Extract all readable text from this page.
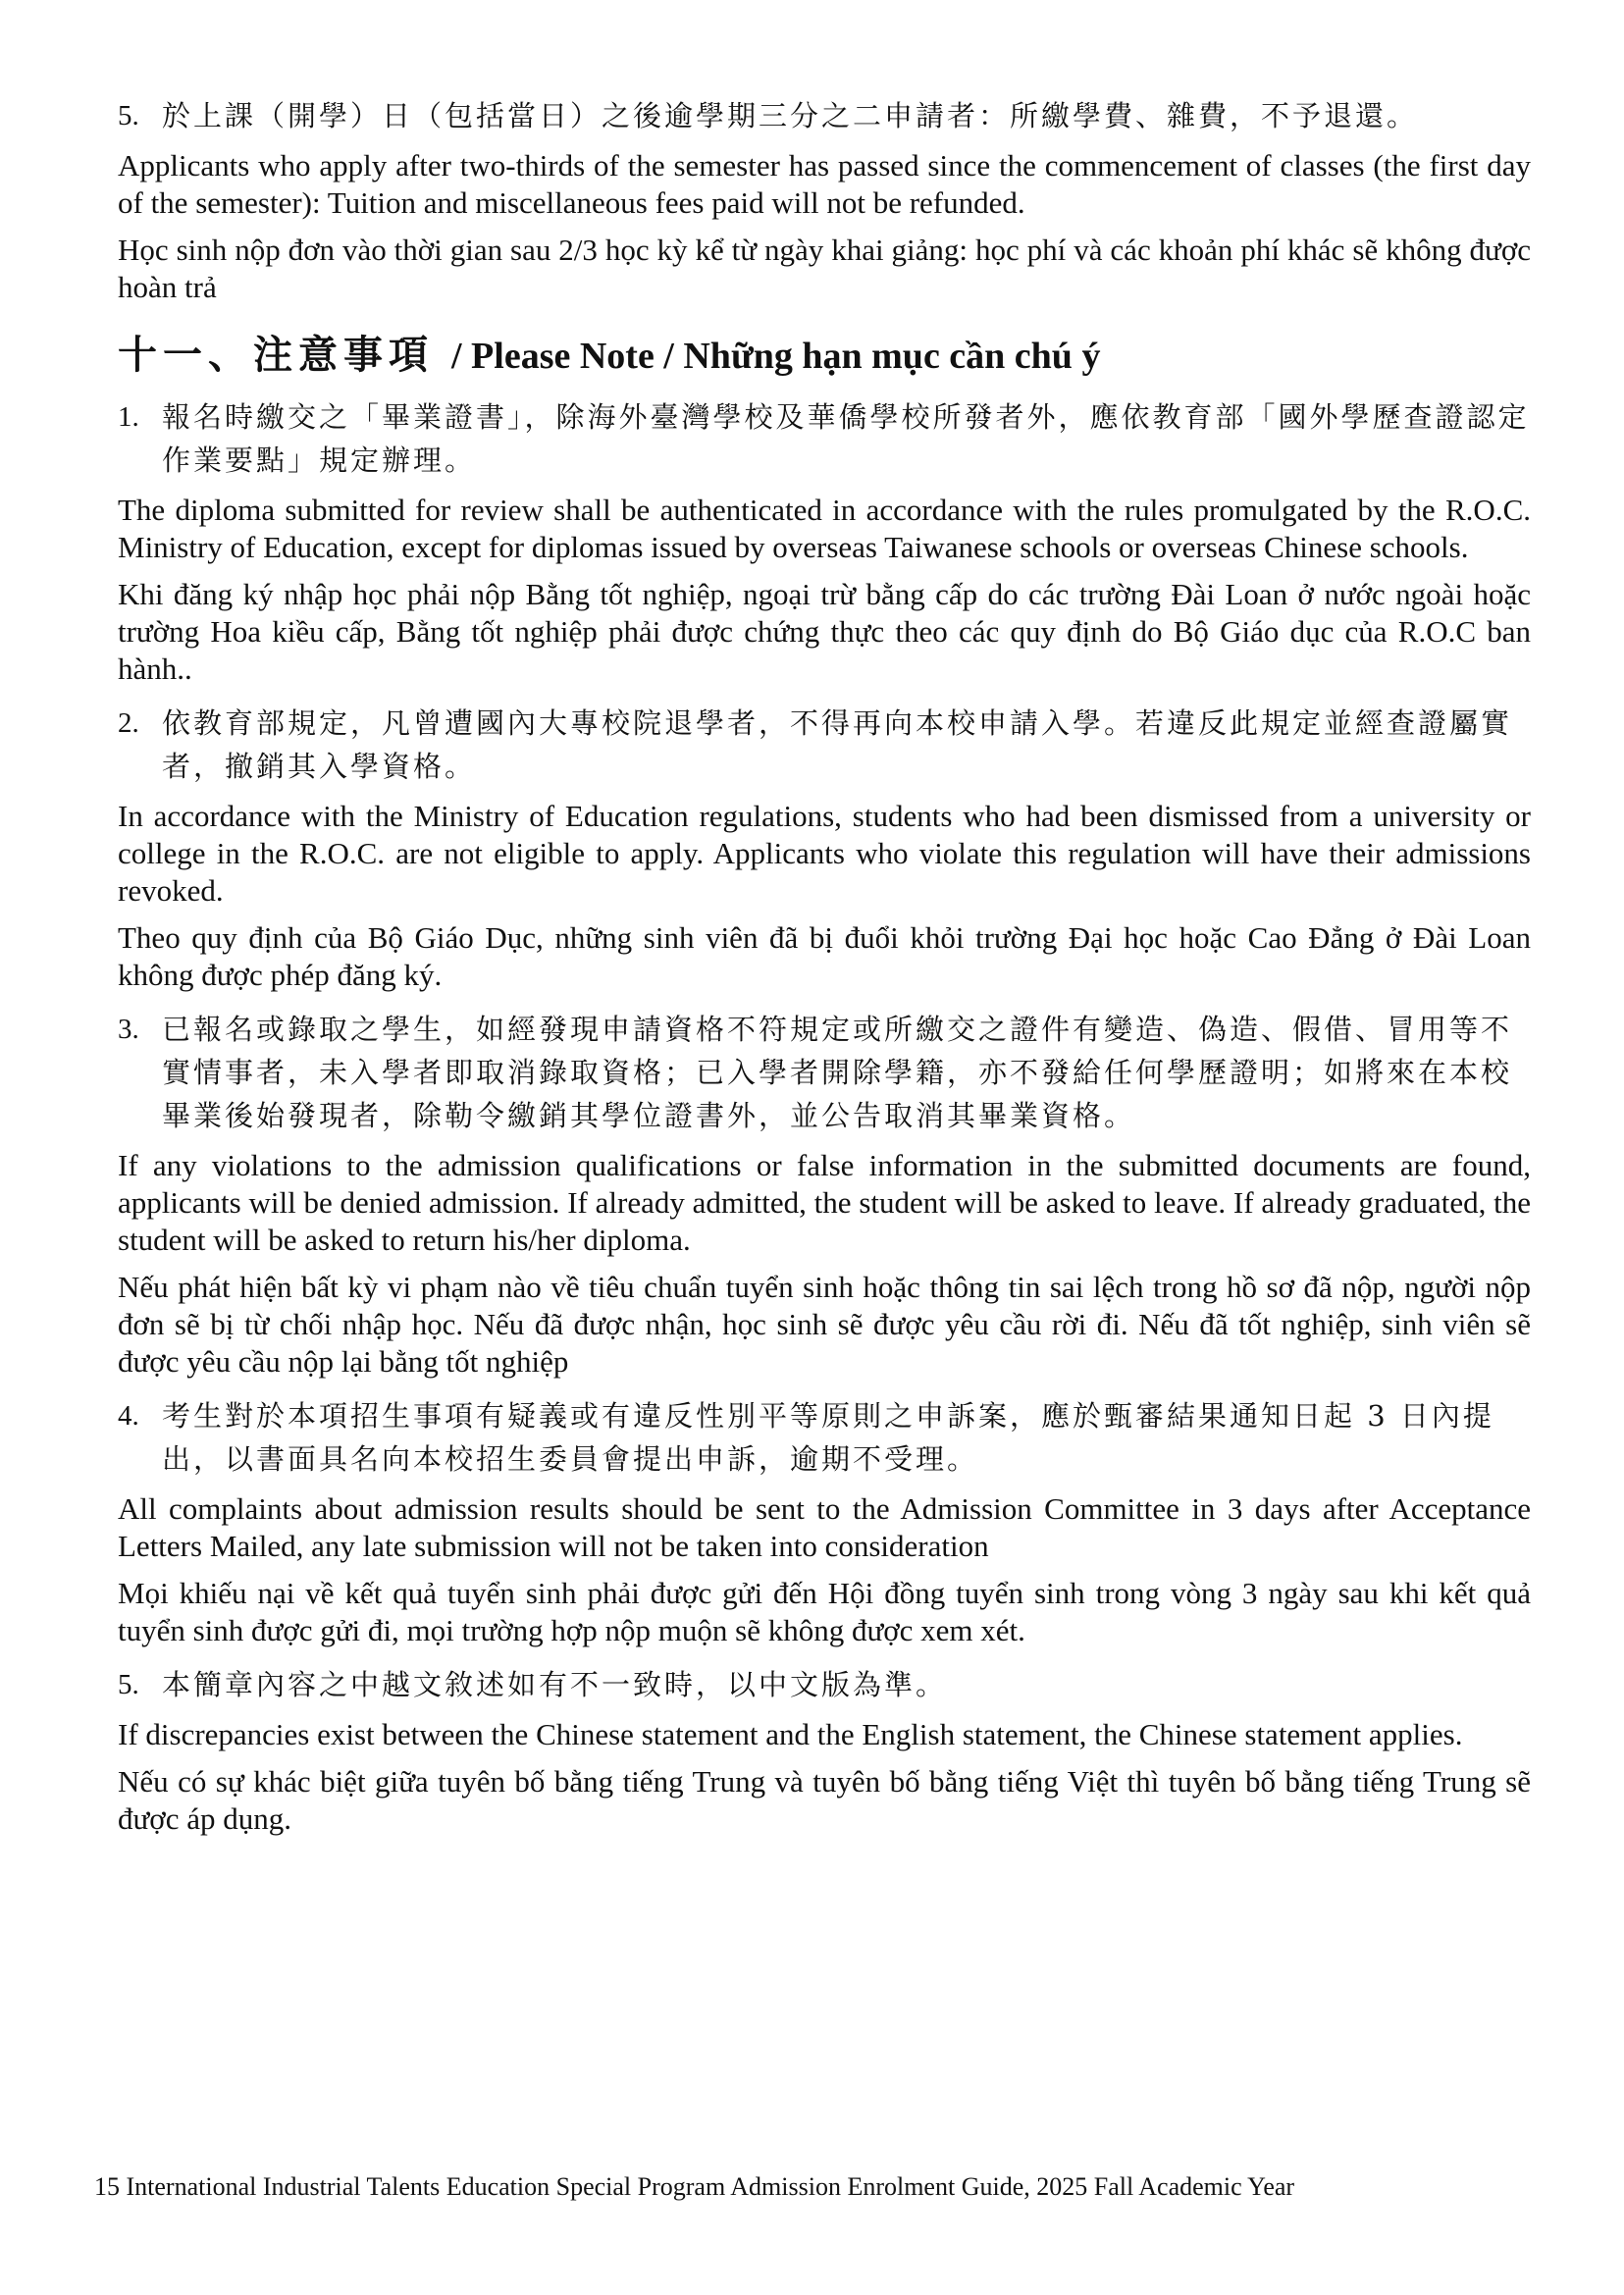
5. 於上課（開學）日（包括當日）之後逾學期三分之二申請者：所繳學費、雜費，不予退還。

Applicants who apply after two-thirds of the semester has passed since the commencement of classes (the first day of the semester): Tuition and miscellaneous fees paid will not be refunded.

Học sinh nộp đơn vào thời gian sau 2/3 học kỳ kể từ ngày khai giảng: học phí và các khoản phí khác sẽ không được hoàn trả

十一、注意事項 / Please Note / Những hạn mục cần chú ý
1. 報名時繳交之「畢業證書」，除海外臺灣學校及華僑學校所發者外，應依教育部「國外學歷查證認定作業要點」規定辦理。

The diploma submitted for review shall be authenticated in accordance with the rules promulgated by the R.O.C. Ministry of Education, except for diplomas issued by overseas Taiwanese schools or overseas Chinese schools.

Khi đăng ký nhập học phải nộp Bằng tốt nghiệp, ngoại trừ bằng cấp do các trường Đài Loan ở nước ngoài hoặc trường Hoa kiều cấp, Bằng tốt nghiệp phải được chứng thực theo các quy định do Bộ Giáo dục của R.O.C ban hành..

2. 依教育部規定，凡曾遭國內大專校院退學者，不得再向本校申請入學。若違反此規定並經查證屬實者，撤銷其入學資格。

In accordance with the Ministry of Education regulations, students who had been dismissed from a university or college in the R.O.C. are not eligible to apply. Applicants who violate this regulation will have their admissions revoked.

Theo quy định của Bộ Giáo Dục, những sinh viên đã bị đuổi khỏi trường Đại học hoặc Cao Đẳng ở Đài Loan không được phép đăng ký.

3. 已報名或錄取之學生，如經發現申請資格不符規定或所繳交之證件有變造、偽造、假借、冒用等不實情事者，未入學者即取消錄取資格；已入學者開除學籍，亦不發給任何學歷證明；如將來在本校畢業後始發現者，除勒令繳銷其學位證書外，並公告取消其畢業資格。

If any violations to the admission qualifications or false information in the submitted documents are found, applicants will be denied admission. If already admitted, the student will be asked to leave. If already graduated, the student will be asked to return his/her diploma.

Nếu phát hiện bất kỳ vi phạm nào về tiêu chuẩn tuyển sinh hoặc thông tin sai lệch trong hồ sơ đã nộp, người nộp đơn sẽ bị từ chối nhập học. Nếu đã được nhận, học sinh sẽ được yêu cầu rời đi. Nếu đã tốt nghiệp, sinh viên sẽ được yêu cầu nộp lại bằng tốt nghiệp

4. 考生對於本項招生事項有疑義或有違反性別平等原則之申訴案，應於甄審結果通知日起 3 日內提出，以書面具名向本校招生委員會提出申訴，逾期不受理。

All complaints about admission results should be sent to the Admission Committee in 3 days after Acceptance Letters Mailed, any late submission will not be taken into consideration

Mọi khiếu nại về kết quả tuyển sinh phải được gửi đến Hội đồng tuyển sinh trong vòng 3 ngày sau khi kết quả tuyển sinh được gửi đi, mọi trường hợp nộp muộn sẽ không được xem xét.

5. 本簡章內容之中越文敘述如有不一致時，以中文版為準。

If discrepancies exist between the Chinese statement and the English statement, the Chinese statement applies.

Nếu có sự khác biệt giữa tuyên bố bằng tiếng Trung và tuyên bố bằng tiếng Việt thì tuyên bố bằng tiếng Trung sẽ được áp dụng.

15 International Industrial Talents Education Special Program Admission Enrolment Guide, 2025 Fall Academic Year
